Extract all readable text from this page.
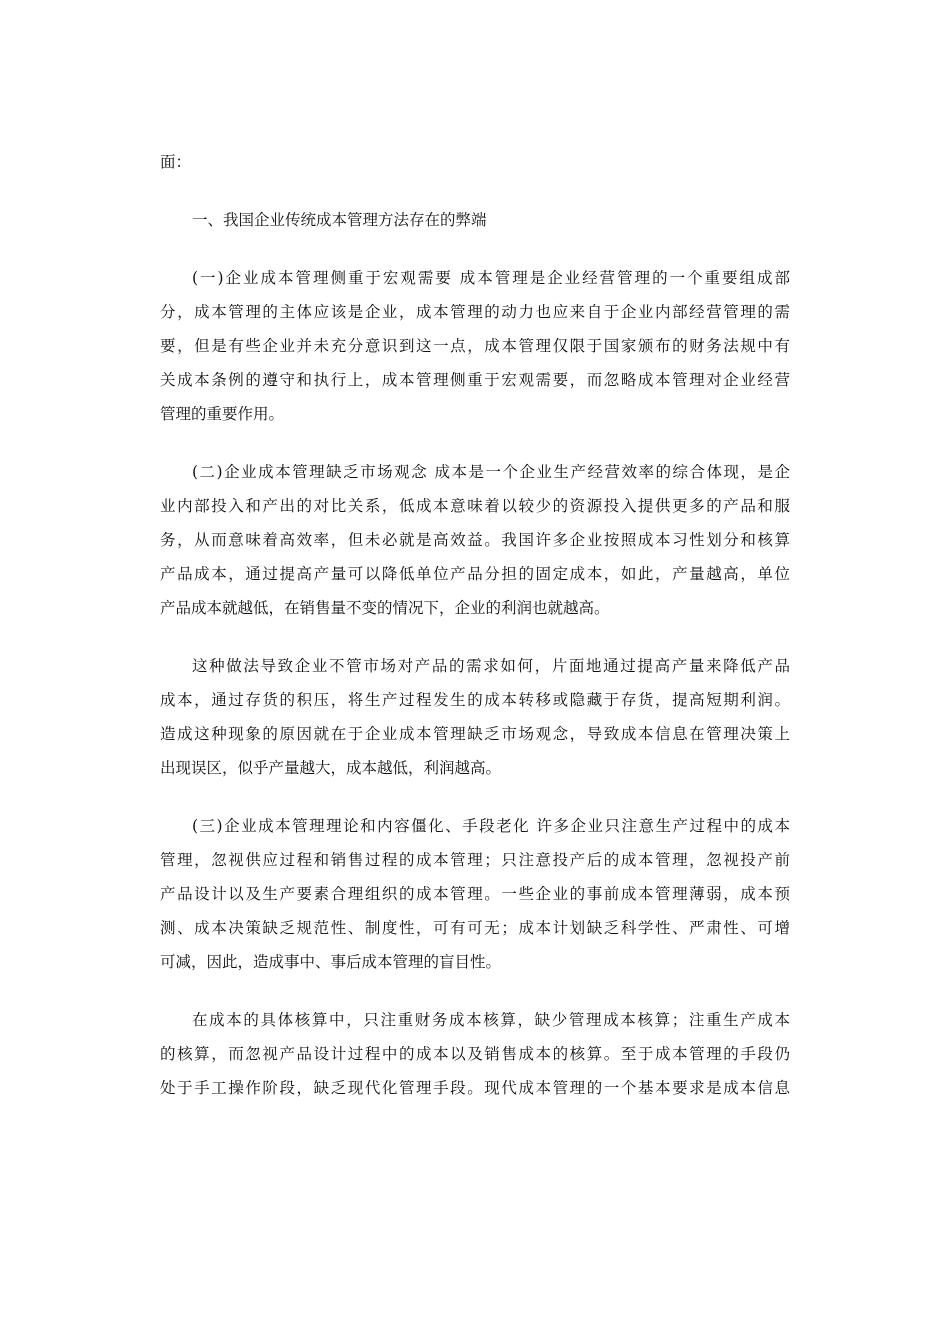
面：

一、我国企业传统成本管理方法存在的弊端

(一)企业成本管理侧重于宏观需要 成本管理是企业经营管理的一个重要组成部

分，成本管理的主体应该是企业，成本管理的动力也应来自于企业内部经营管理的需

要，但是有些企业并未充分意识到这一点，成本管理仅限于国家颁布的财务法规中有

关成本条例的遵守和执行上，成本管理侧重于宏观需要，而忽略成本管理对企业经营

管理的重要作用。

(二)企业成本管理缺乏市场观念 成本是一个企业生产经营效率的综合体现，是企

业内部投入和产出的对比关系，低成本意味着以较少的资源投入提供更多的产品和服

务，从而意味着高效率，但未必就是高效益。我国许多企业按照成本习性划分和核算

产品成本，通过提高产量可以降低单位产品分担的固定成本，如此，产量越高，单位

产品成本就越低，在销售量不变的情况下，企业的利润也就越高。

这种做法导致企业不管市场对产品的需求如何，片面地通过提高产量来降低产品

成本，通过存货的积压，将生产过程发生的成本转移或隐藏于存货，提高短期利润。

造成这种现象的原因就在于企业成本管理缺乏市场观念，导致成本信息在管理决策上

出现误区，似乎产量越大，成本越低，利润越高。

(三)企业成本管理理论和内容僵化、手段老化 许多企业只注意生产过程中的成本

管理，忽视供应过程和销售过程的成本管理；只注意投产后的成本管理，忽视投产前

产品设计以及生产要素合理组织的成本管理。一些企业的事前成本管理薄弱，成本预

测、成本决策缺乏规范性、制度性，可有可无；成本计划缺乏科学性、严肃性、可增

可减，因此，造成事中、事后成本管理的盲目性。

在成本的具体核算中，只注重财务成本核算，缺少管理成本核算；注重生产成本

的核算，而忽视产品设计过程中的成本以及销售成本的核算。至于成本管理的手段仍

处于手工操作阶段，缺乏现代化管理手段。现代成本管理的一个基本要求是成本信息
